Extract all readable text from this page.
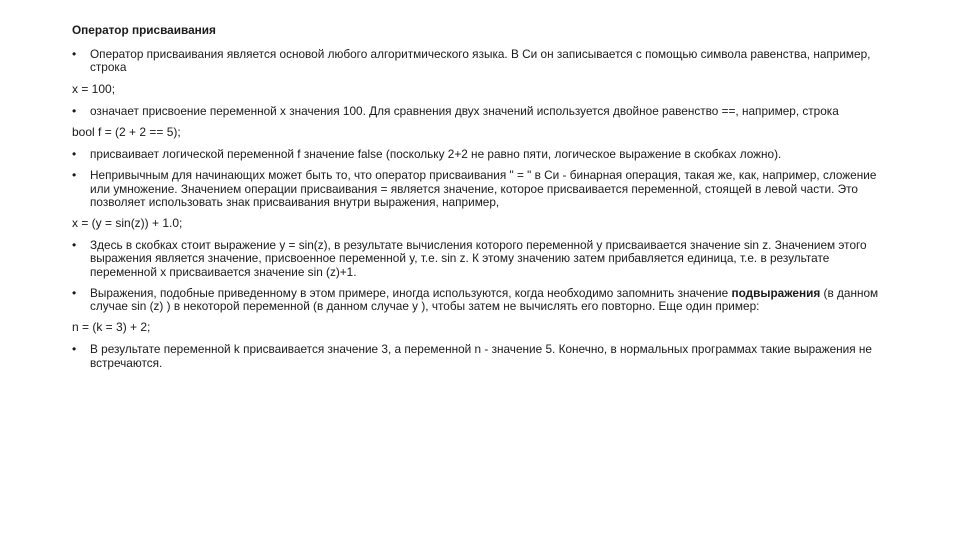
Оператор присваивания
• Оператор присваивания является основой любого алгоритмического языка. В Си он записывается с помощью символа равенства, например, строка
x = 100;
• означает присвоение переменной x значения 100. Для сравнения двух значений используется двойное равенство ==, например, строка
bool f = (2 + 2 == 5);
• присваивает логической переменной f значение false (поскольку 2+2 не равно пяти, логическое выражение в скобках ложно).
• Непривычным для начинающих может быть то, что оператор присваивания " = " в Си - бинарная операция, такая же, как, например, сложение или умножение. Значением операции присваивания = является значение, которое присваивается переменной, стоящей в левой части. Это позволяет использовать знак присваивания внутри выражения, например,
x = (y = sin(z)) + 1.0;
• Здесь в скобках стоит выражение y = sin(z), в результате вычисления которого переменной y присваивается значение sin z. Значением этого выражения является значение, присвоенное переменной y, т.е. sin z. К этому значению затем прибавляется единица, т.е. в результате переменной x присваивается значение sin (z)+1.
• Выражения, подобные приведенному в этом примере, иногда используются, когда необходимо запомнить значение подвыражения (в данном случае sin (z) ) в некоторой переменной (в данном случае y ), чтобы затем не вычислять его повторно. Еще один пример:
n = (k = 3) + 2;
• В результате переменной k присваивается значение 3, а переменной n - значение 5. Конечно, в нормальных программах такие выражения не встречаются.
